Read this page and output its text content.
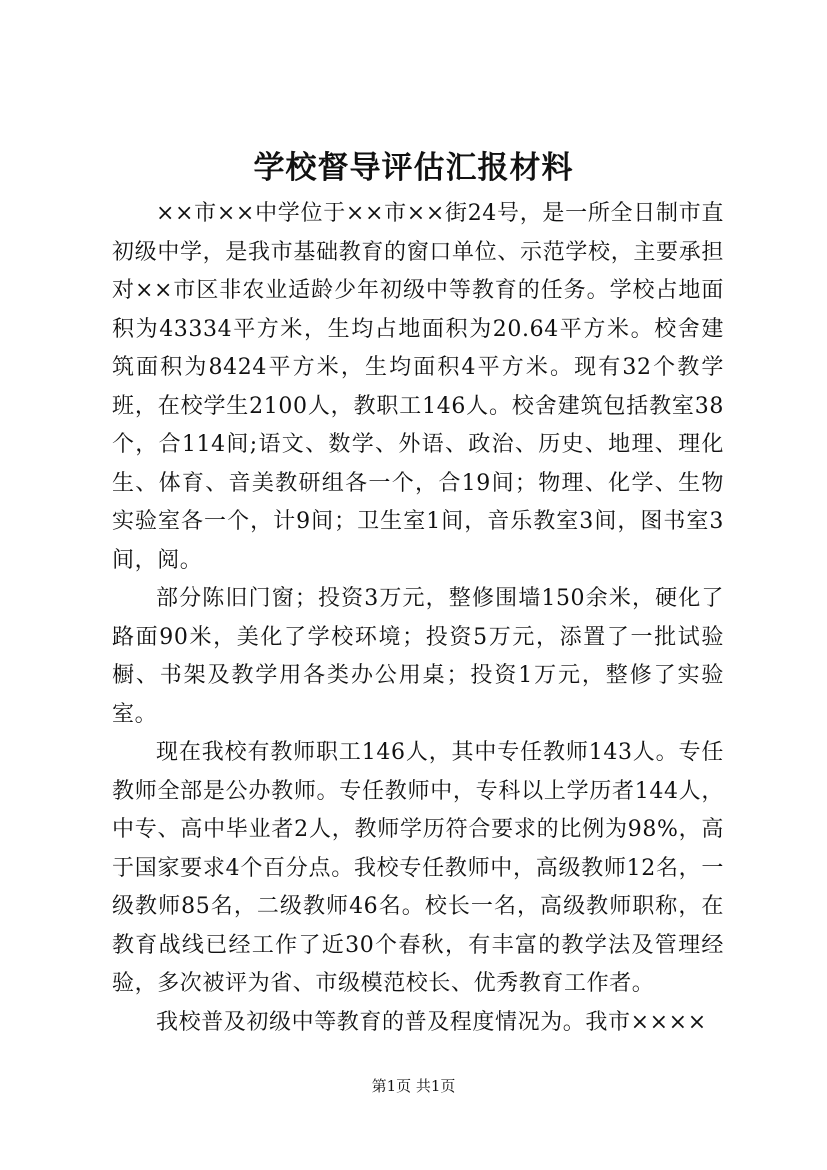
学校督导评估汇报材料

××市××中学位于××市××街24号，是一所全日制市直初级中学，是我市基础教育的窗口单位、示范学校，主要承担对××市区非农业适龄少年初级中等教育的任务。学校占地面积为43334平方米，生均占地面积为20.64平方米。校舍建筑面积为8424平方米，生均面积4平方米。现有32个教学班，在校学生2100人，教职工146人。校舍建筑包括教室38个，合114间;语文、数学、外语、政治、历史、地理、理化生、体育、音美教研组各一个，合19间；物理、化学、生物实验室各一个，计9间；卫生室1间，音乐教室3间，图书室3间，阅。

部分陈旧门窗；投资3万元，整修围墙150余米，硬化了路面90米，美化了学校环境；投资5万元，添置了一批试验橱、书架及教学用各类办公用桌；投资1万元，整修了实验室。

现在我校有教师职工146人，其中专任教师143人。专任教师全部是公办教师。专任教师中，专科以上学历者144人，中专、高中毕业者2人，教师学历符合要求的比例为98%，高于国家要求4个百分点。我校专任教师中，高级教师12名，一级教师85名，二级教师46名。校长一名，高级教师职称，在教育战线已经工作了近30个春秋，有丰富的教学法及管理经验，多次被评为省、市级模范校长、优秀教育工作者。

我校普及初级中等教育的普及程度情况为。我市××××

第1页 共1页
